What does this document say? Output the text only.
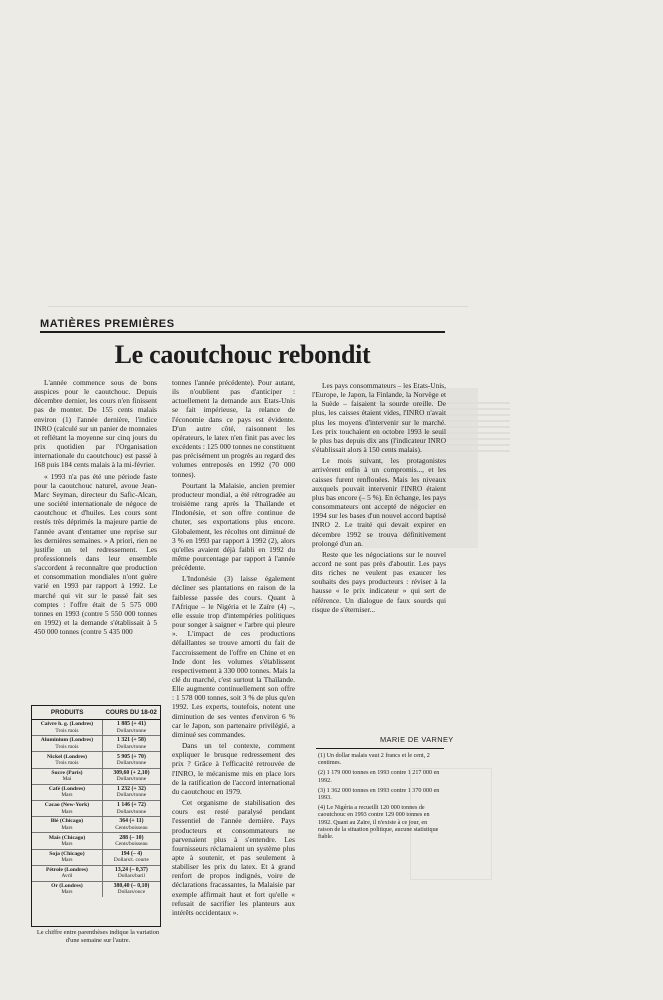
MATIÈRES PREMIÈRES
Le caoutchouc rebondit

L'année commence sous de bons auspices pour le caoutchouc. Depuis décembre dernier, les cours n'en finissent pas de monter. De 155 cents malais environ (1) l'année dernière, l'indice INRO (calculé sur un panier de monnaies et reflétant la moyenne sur cinq jours du prix quotidien par l'Organisation internationale du caoutchouc) est passé à 168 puis 184 cents malais à la mi-février.

« 1993 n'a pas été une période faste pour la caoutchouc naturel, avoue Jean-Marc Seyman, directeur du Safic-Alcan, une société internationale de négoce de caoutchouc et d'huiles. Les cours sont restés très déprimés la majeure partie de l'année avant d'entamer une reprise sur les dernières semaines. » A priori, rien ne justifie un tel redressement. Les professionnels dans leur ensemble s'accordent à reconnaître que production et consommation mondiales n'ont guère varié en 1993 par rapport à 1992. Le marché qui vit sur le passé fait ses comptes : l'offre était de 5 575 000 tonnes en 1993 (contre 5 550 000 tonnes en 1992) et la demande s'établissait à 5 450 000 tonnes (contre 5 435 000

tonnes l'année précédente). Pour autant, ils n'oublient pas d'anticiper : actuellement la demande aux Etats-Unis se fait impérieuse, la relance de l'économie dans ce pays est évidente. D'un autre côté, raisonnent les opérateurs, le latex n'en finit pas avec les excédents : 125 000 tonnes ne constituent pas précisément un progrès au regard des volumes entreposés en 1992 (70 000 tonnes).

Pourtant la Malaisie, ancien premier producteur mondial, a été rétrogradée au troisième rang après la Thaïlande et l'Indonésie, et son offre continue de chuter, ses exportations plus encore. Globalement, les récoltes ont diminué de 3 % en 1993 par rapport à 1992 (2), alors qu'elles avaient déjà faibli en 1992 du même pourcentage par rapport à l'année précédente.

L'Indonésie (3) laisse également décliner ses plantations en raison de la faiblesse passée des cours. Quant à l'Afrique – le Nigéria et le Zaïre (4) –, elle essuie trop d'intempéries politiques pour songer à saigner « l'arbre qui pleure ». L'impact de ces productions défaillantes se trouve amorti du fait de l'accroissement de l'offre en Chine et en Inde dont les volumes s'établissent respectivement à 330 000 tonnes. Mais la clé du marché, c'est surtout la Thaïlande. Elle augmente continuellement son offre : 1 578 000 tonnes, soit 3 % de plus qu'en 1992. Les experts, toutefois, notent une diminution de ses ventes d'environ 6 % car le Japon, son partenaire privilégié, a diminué ses commandes.

Dans un tel contexte, comment expliquer le brusque redressement des prix ? Grâce à l'efficacité retrouvée de l'INRO, le mécanisme mis en place lors de la ratification de l'accord international du caoutchouc en 1979.

Cet organisme de stabilisation des cours est resté paralysé pendant l'essentiel de l'année dernière. Pays producteurs et consommateurs ne parvenaient plus à s'entendre. Les fournisseurs réclamaient un système plus apte à soutenir, et pas seulement à stabiliser les prix du latex. Et à grand renfort de propos indignés, voire de déclarations fracassantes, la Malaisie par exemple affirmait haut et fort qu'elle « refusait de sacrifier les planteurs aux intérêts occidentaux ».

Les pays consommateurs – les Etats-Unis, l'Europe, le Japon, la Finlande, la Norvège et la Suède – faisaient la sourde oreille. De plus, les caisses étaient vides, l'INRO n'avait plus les moyens d'intervenir sur le marché. Les prix touchaient en octobre 1993 le seuil le plus bas depuis dix ans (l'indicateur INRO s'établissait alors à 150 cents malais).

Le mois suivant, les protagonistes arrivèrent enfin à un compromis..., et les caisses furent renflouées. Mais les niveaux auxquels pouvait intervenir l'INRO étaient plus bas encore (– 5 %). En échange, les pays consommateurs ont accepté de négocier en 1994 sur les bases d'un nouvel accord baptisé INRO 2. Le traité qui devait expirer en décembre 1992 se trouva définitivement prolongé d'un an.

Reste que les négociations sur le nouvel accord ne sont pas près d'aboutir. Les pays dits riches ne veulent pas exaucer les souhaits des pays producteurs : réviser à la hausse « le prix indicateur » qui sert de référence. Un dialogue de faux sourds qui risque de s'éterniser...

MARIE DE VARNEY
(1) Un dollar malais vaut 2 francs et le cent, 2 centimes.
(2) 1 179 000 tonnes en 1993 contre 1 217 000 en 1992.
(3) 1 362 000 tonnes en 1993 contre 1 370 000 en 1993.
(4) Le Nigéria a recueilli 120 000 tonnes de caoutchouc en 1993 contre 129 000 tonnes en 1992. Quant au Zaïre, il n'existe à ce jour, en raison de la situation politique, aucune statistique fiable.
PRODUITS	COURS DU 18-02

Caivre h. g. (Londres)
Trois mois	1 885 (+ 41)
Dollars/tonne

Aluminium (Londres)
Trois mois	1 321 (+ 58)
Dollars/tonne

Nickel (Londres)
Trois mois	5 905 (+ 70)
Dollars/tonne

Sucre (Paris)
Mai	309,60 (+ 2,10)
Dollars/tonne

Café (Londres)
Mars	1 232 (+ 32)
Dollars/tonne

Cacao (New-York)
Mars	1 146 (+ 72)
Dollars/tonne

Blé (Chicago)
Mars	364 (+ 11)
Cents/boisseau

Maïs (Chicago)
Mars	288 (– 10)
Cents/boisseau

Soja (Chicago)
Mars	194 (– 4)
Dollars/t. courte

Pétrole (Londres)
Avril	13,24 (– 0,37)
Dollars/baril

Or (Londres)
Mars	380,40 (– 0,10)
Dollars/once
Le chiffre entre parenthèses indique la variation d'une semaine sur l'autre.
